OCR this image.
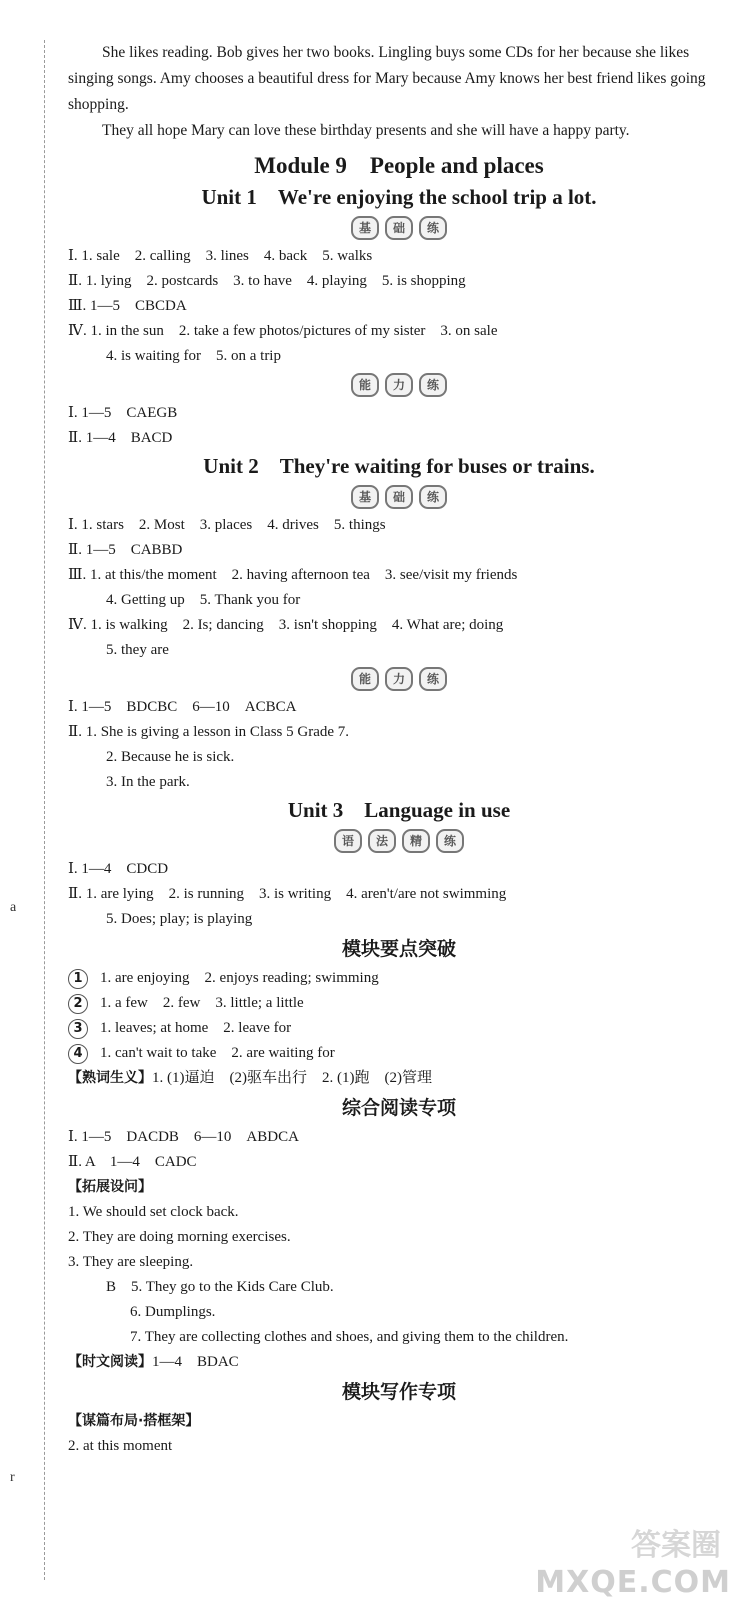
a
r

She likes reading. Bob gives her two books. Lingling buys some CDs for her because she likes singing songs. Amy chooses a beautiful dress for Mary because Amy knows her best friend likes going shopping.

They all hope Mary can love these birthday presents and she will have a happy party.

Module 9　People and places
Unit 1　We're enjoying the school trip a lot.
基 础 练

Ⅰ. 1. sale　2. calling　3. lines　4. back　5. walks

Ⅱ. 1. lying　2. postcards　3. to have　4. playing　5. is shopping

Ⅲ. 1—5　CBCDA

Ⅳ. 1. in the sun　2. take a few photos/pictures of my sister　3. on sale

4. is waiting for　5. on a trip

能 力 练

Ⅰ. 1—5　CAEGB

Ⅱ. 1—4　BACD

Unit 2　They're waiting for buses or trains.
基 础 练

Ⅰ. 1. stars　2. Most　3. places　4. drives　5. things

Ⅱ. 1—5　CABBD

Ⅲ. 1. at this/the moment　2. having afternoon tea　3. see/visit my friends

4. Getting up　5. Thank you for

Ⅳ. 1. is walking　2. Is; dancing　3. isn't shopping　4. What are; doing

5. they are

能 力 练

Ⅰ. 1—5　BDCBC　6—10　ACBCA

Ⅱ. 1. She is giving a lesson in Class 5 Grade 7.

2. Because he is sick.

3. In the park.

Unit 3　Language in use
语 法 精 练

Ⅰ. 1—4　CDCD

Ⅱ. 1. are lying　2. is running　3. is writing　4. aren't/are not swimming

5. Does; play; is playing

模块要点突破

1 1. are enjoying　2. enjoys reading; swimming

2 1. a few　2. few　3. little; a little

3 1. leaves; at home　2. leave for

4 1. can't wait to take　2. are waiting for

【熟词生义】1. (1)逼迫　(2)驱车出行　2. (1)跑　(2)管理

综合阅读专项

Ⅰ. 1—5　DACDB　6—10　ABDCA

Ⅱ. A　1—4　CADC

【拓展设问】

1. We should set clock back.

2. They are doing morning exercises.

3. They are sleeping.

B　5. They go to the Kids Care Club.

6. Dumplings.

7. They are collecting clothes and shoes, and giving them to the children.

【时文阅读】1—4　BDAC

模块写作专项

【谋篇布局·搭框架】

2. at this moment

答案圈
MXQE.COM
